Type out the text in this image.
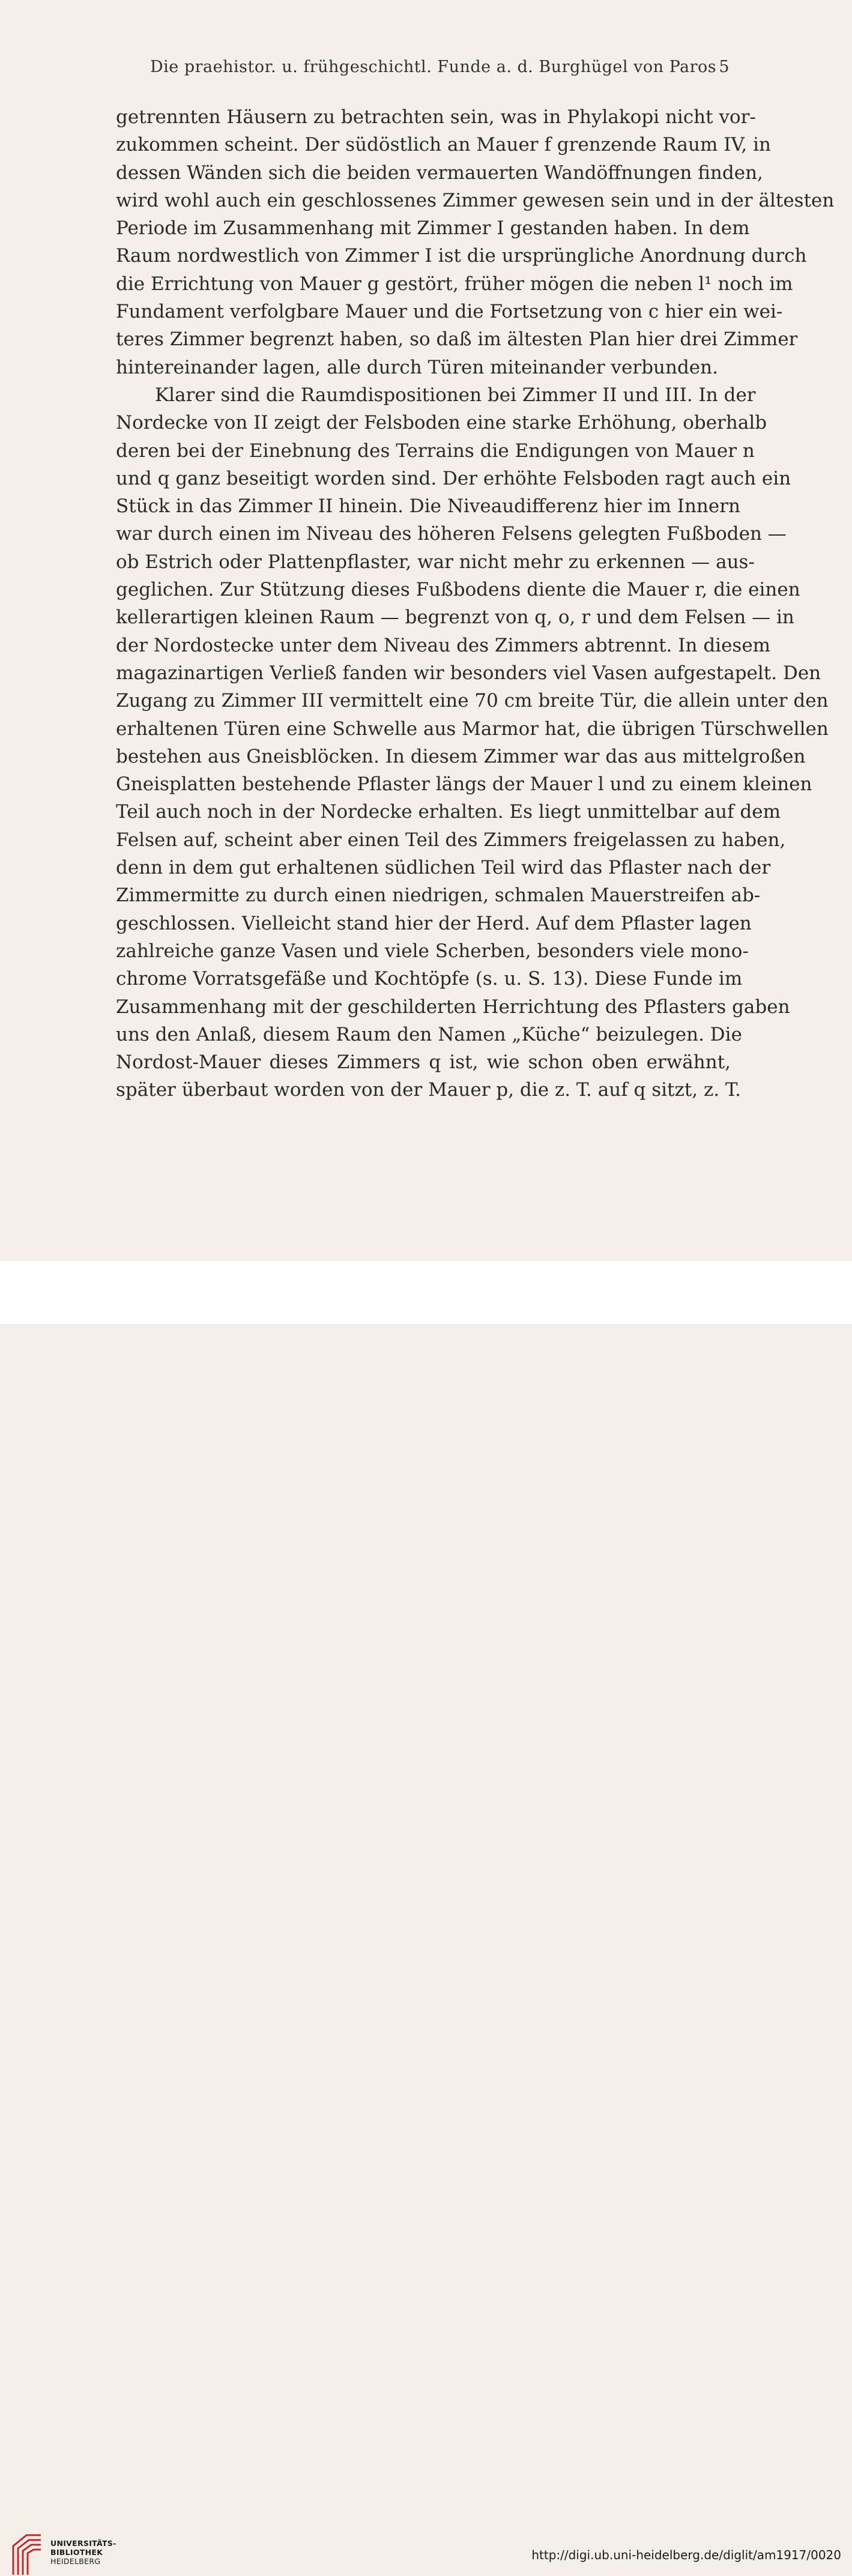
Die praehistor. u. frühgeschichtl. Funde a. d. Burghügel von Paros 5
getrennten Häusern zu betrachten sein, was in Phylakopi nicht vor-
zukommen scheint. Der südöstlich an Mauer f grenzende Raum IV, in
dessen Wänden sich die beiden vermauerten Wandöffnungen finden,
wird wohl auch ein geschlossenes Zimmer gewesen sein und in der ältesten
Periode im Zusammenhang mit Zimmer I gestanden haben. In dem
Raum nordwestlich von Zimmer I ist die ursprüngliche Anordnung durch
die Errichtung von Mauer g gestört, früher mögen die neben l¹ noch im
Fundament verfolgbare Mauer und die Fortsetzung von c hier ein wei-
teres Zimmer begrenzt haben, so daß im ältesten Plan hier drei Zimmer
hintereinander lagen, alle durch Türen miteinander verbunden.
Klarer sind die Raumdispositionen bei Zimmer II und III. In der
Nordecke von II zeigt der Felsboden eine starke Erhöhung, oberhalb
deren bei der Einebnung des Terrains die Endigungen von Mauer n
und q ganz beseitigt worden sind. Der erhöhte Felsboden ragt auch ein
Stück in das Zimmer II hinein. Die Niveaudifferenz hier im Innern
war durch einen im Niveau des höheren Felsens gelegten Fußboden —
ob Estrich oder Plattenpflaster, war nicht mehr zu erkennen — aus-
geglichen. Zur Stützung dieses Fußbodens diente die Mauer r, die einen
kellerartigen kleinen Raum — begrenzt von q, o, r und dem Felsen — in
der Nordostecke unter dem Niveau des Zimmers abtrennt. In diesem
magazinartigen Verließ fanden wir besonders viel Vasen aufgestapelt. Den
Zugang zu Zimmer III vermittelt eine 70 cm breite Tür, die allein unter den
erhaltenen Türen eine Schwelle aus Marmor hat, die übrigen Türschwellen
bestehen aus Gneisblöcken. In diesem Zimmer war das aus mittelgroßen
Gneisplatten bestehende Pflaster längs der Mauer l und zu einem kleinen
Teil auch noch in der Nordecke erhalten. Es liegt unmittelbar auf dem
Felsen auf, scheint aber einen Teil des Zimmers freigelassen zu haben,
denn in dem gut erhaltenen südlichen Teil wird das Pflaster nach der
Zimmermitte zu durch einen niedrigen, schmalen Mauerstreifen ab-
geschlossen. Vielleicht stand hier der Herd. Auf dem Pflaster lagen
zahlreiche ganze Vasen und viele Scherben, besonders viele mono-
chrome Vorratsgefäße und Kochtöpfe (s. u. S. 13). Diese Funde im
Zusammenhang mit der geschilderten Herrichtung des Pflasters gaben
uns den Anlaß, diesem Raum den Namen „Küche“ beizulegen. Die
Nordost-Mauer dieses Zimmers q ist, wie schon oben erwähnt,
später überbaut worden von der Mauer p, die z. T. auf q sitzt, z. T.
UNIVERSITÄTS-
BIBLIOTHEK
HEIDELBERG	http://digi.ub.uni-heidelberg.de/diglit/am1917/0020
